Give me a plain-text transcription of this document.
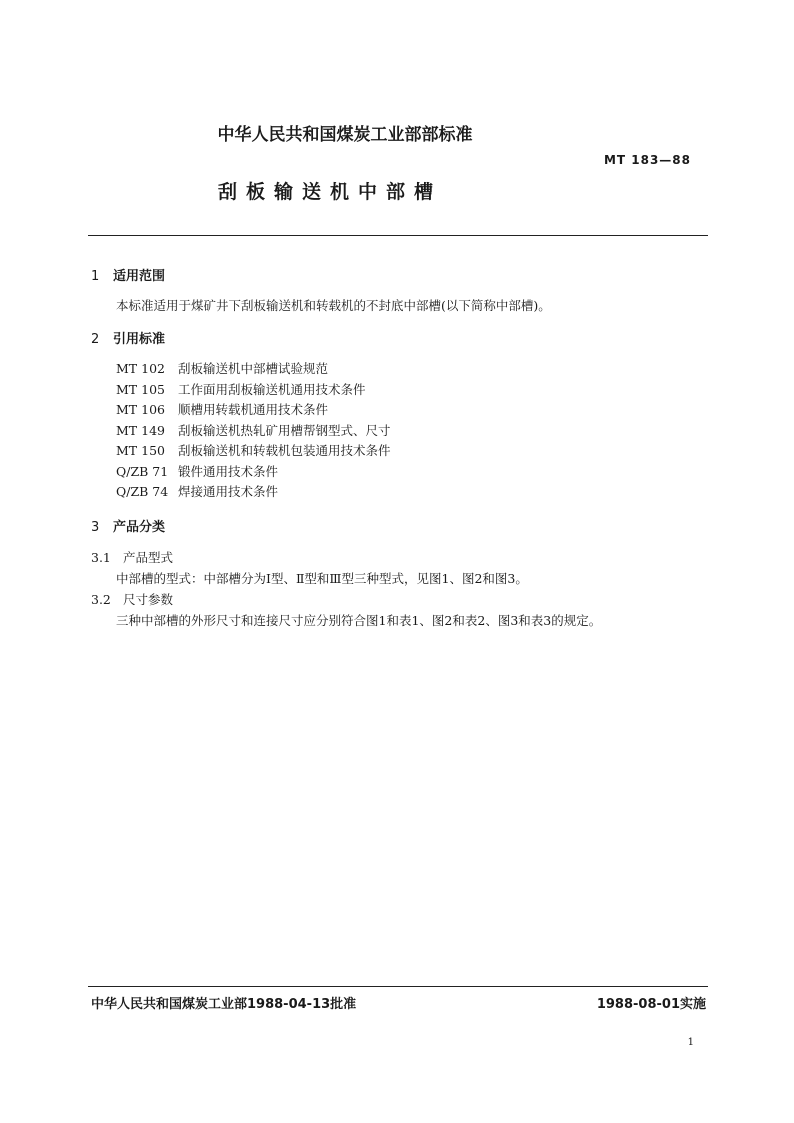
中华人民共和国煤炭工业部部标准
MT 183—88
刮板输送机中部槽
1 适用范围
本标准适用于煤矿井下刮板输送机和转载机的不封底中部槽(以下简称中部槽)。
2 引用标准
MT 102 刮板输送机中部槽试验规范
MT 105 工作面用刮板输送机通用技术条件
MT 106 顺槽用转载机通用技术条件
MT 149 刮板输送机热轧矿用槽帮钢型式、尺寸
MT 150 刮板输送机和转载机包装通用技术条件
Q/ZB 71 锻件通用技术条件
Q/ZB 74 焊接通用技术条件
3 产品分类
3.1 产品型式
中部槽的型式：中部槽分为Ⅰ型、Ⅱ型和Ⅲ型三种型式，见图1、图2和图3。
3.2 尺寸参数
三种中部槽的外形尺寸和连接尺寸应分别符合图1和表1、图2和表2、图3和表3的规定。
中华人民共和国煤炭工业部1988-04-13批准	1988-08-01实施
1
